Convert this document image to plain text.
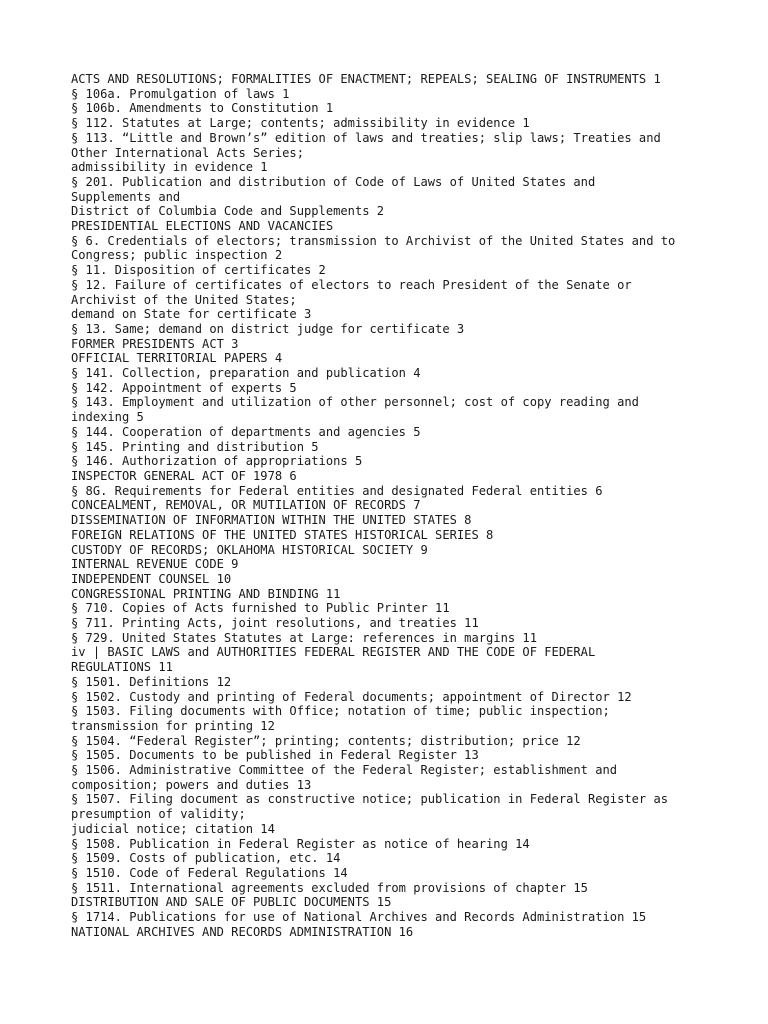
ACTS AND RESOLUTIONS; FORMALITIES OF ENACTMENT; REPEALS; SEALING OF INSTRUMENTS 1
§ 106a. Promulgation of laws 1
§ 106b. Amendments to Constitution 1
§ 112. Statutes at Large; contents; admissibility in evidence 1
§ 113. “Little and Brown’s” edition of laws and treaties; slip laws; Treaties and
Other International Acts Series;
admissibility in evidence 1
§ 201. Publication and distribution of Code of Laws of United States and
Supplements and
District of Columbia Code and Supplements 2
PRESIDENTIAL ELECTIONS AND VACANCIES
§ 6. Credentials of electors; transmission to Archivist of the United States and to
Congress; public inspection 2
§ 11. Disposition of certificates 2
§ 12. Failure of certificates of electors to reach President of the Senate or
Archivist of the United States;
demand on State for certificate 3
§ 13. Same; demand on district judge for certificate 3
FORMER PRESIDENTS ACT 3
OFFICIAL TERRITORIAL PAPERS 4
§ 141. Collection, preparation and publication 4
§ 142. Appointment of experts 5
§ 143. Employment and utilization of other personnel; cost of copy reading and
indexing 5
§ 144. Cooperation of departments and agencies 5
§ 145. Printing and distribution 5
§ 146. Authorization of appropriations 5
INSPECTOR GENERAL ACT OF 1978 6
§ 8G. Requirements for Federal entities and designated Federal entities 6
CONCEALMENT, REMOVAL, OR MUTILATION OF RECORDS 7
DISSEMINATION OF INFORMATION WITHIN THE UNITED STATES 8
FOREIGN RELATIONS OF THE UNITED STATES HISTORICAL SERIES 8
CUSTODY OF RECORDS; OKLAHOMA HISTORICAL SOCIETY 9
INTERNAL REVENUE CODE 9
INDEPENDENT COUNSEL 10
CONGRESSIONAL PRINTING AND BINDING 11
§ 710. Copies of Acts furnished to Public Printer 11
§ 711. Printing Acts, joint resolutions, and treaties 11
§ 729. United States Statutes at Large: references in margins 11
iv | BASIC LAWS and AUTHORITIES FEDERAL REGISTER AND THE CODE OF FEDERAL
REGULATIONS 11
§ 1501. Definitions 12
§ 1502. Custody and printing of Federal documents; appointment of Director 12
§ 1503. Filing documents with Office; notation of time; public inspection;
transmission for printing 12
§ 1504. “Federal Register”; printing; contents; distribution; price 12
§ 1505. Documents to be published in Federal Register 13
§ 1506. Administrative Committee of the Federal Register; establishment and
composition; powers and duties 13
§ 1507. Filing document as constructive notice; publication in Federal Register as
presumption of validity;
judicial notice; citation 14
§ 1508. Publication in Federal Register as notice of hearing 14
§ 1509. Costs of publication, etc. 14
§ 1510. Code of Federal Regulations 14
§ 1511. International agreements excluded from provisions of chapter 15
DISTRIBUTION AND SALE OF PUBLIC DOCUMENTS 15
§ 1714. Publications for use of National Archives and Records Administration 15
NATIONAL ARCHIVES AND RECORDS ADMINISTRATION 16
